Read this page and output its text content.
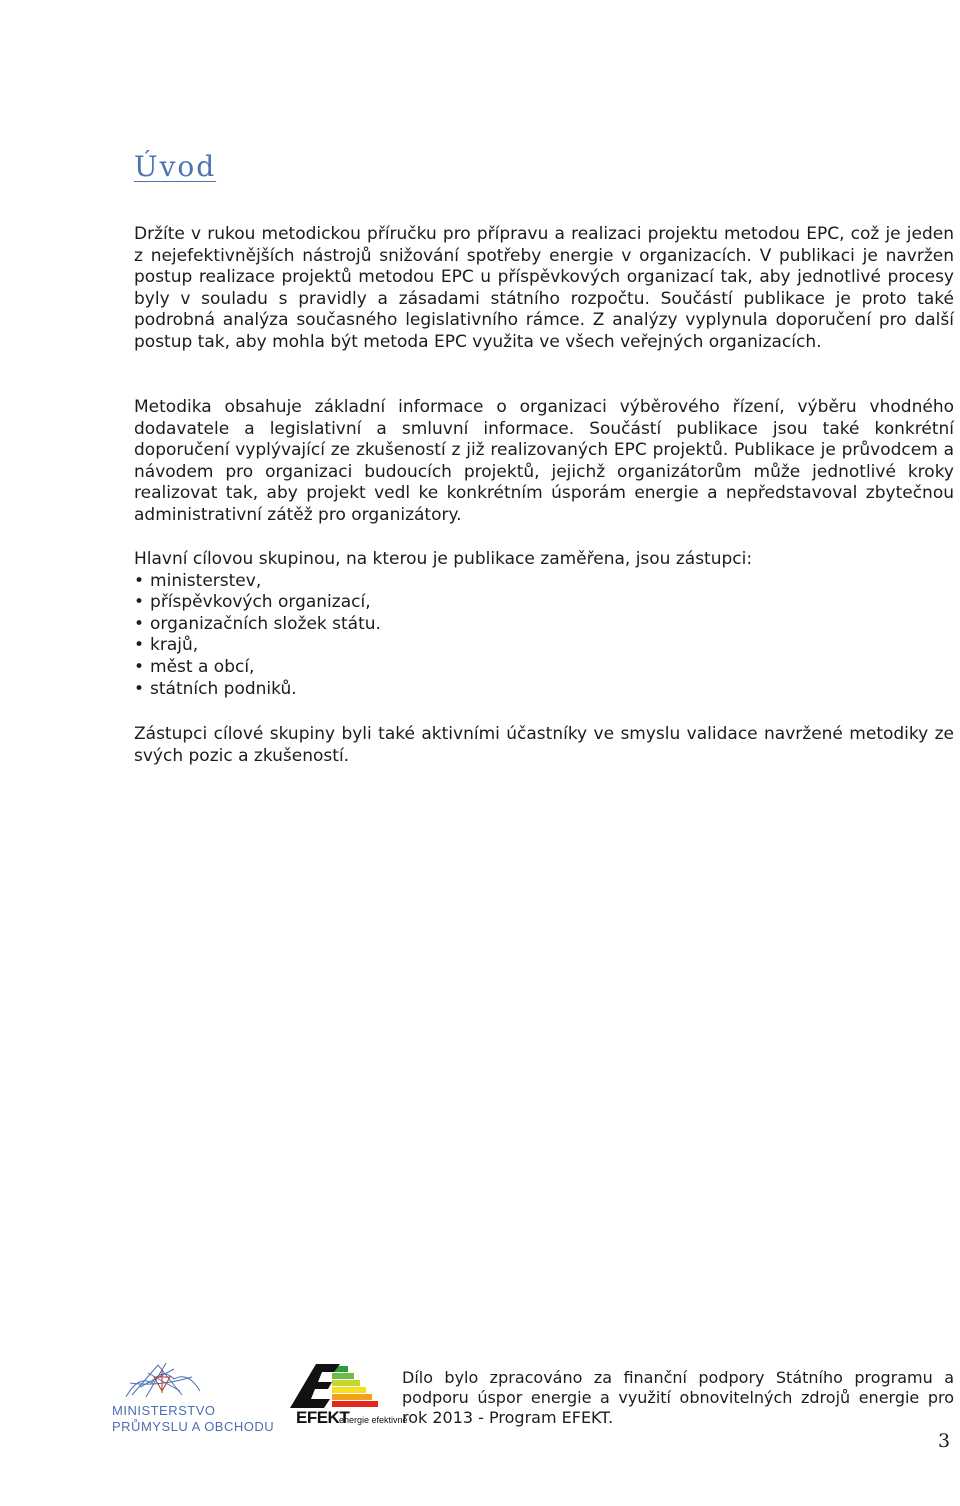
Úvod

Držíte v rukou metodickou příručku pro přípravu a realizaci projektu metodou EPC, což je jeden z nejefektivnějších nástrojů snižování spotřeby energie v organizacích. V publikaci je navržen postup realizace projektů metodou EPC u příspěvkových organizací tak, aby jednotlivé procesy byly v souladu s pravidly a zásadami státního rozpočtu. Součástí publikace je proto také podrobná analýza současného legislativního rámce. Z analýzy vyplynula doporučení pro další postup tak, aby mohla být metoda EPC využita ve všech veřejných organizacích.

Metodika obsahuje základní informace o organizaci výběrového řízení, výběru vhodného dodavatele a legislativní a smluvní informace. Součástí publikace jsou také konkrétní doporučení vyplývající ze zkušeností z již realizovaných EPC projektů. Publikace je průvodcem a návodem pro organizaci budoucích projektů, jejichž organizátorům může jednotlivé kroky realizovat tak, aby projekt vedl ke konkrétním úsporám energie a nepředstavoval zbytečnou administrativní zátěž pro organizátory.

Hlavní cílovou skupinou, na kterou je publikace zaměřena, jsou zástupci:
• ministerstev,
• příspěvkových organizací,
• organizačních složek státu.
• krajů,
• měst a obcí,
• státních podniků.

Zástupci cílové skupiny byli také aktivními účastníky ve smyslu validace navržené metodiky ze svých pozic a zkušeností.

MINISTERSTVO
PRŮMYSLU A OBCHODU EFEKT
energie efektivně

Dílo bylo zpracováno za finanční podpory Státního programu a podporu úspor energie a využití obnovitelných zdrojů energie pro rok 2013 - Program EFEKT.

3
